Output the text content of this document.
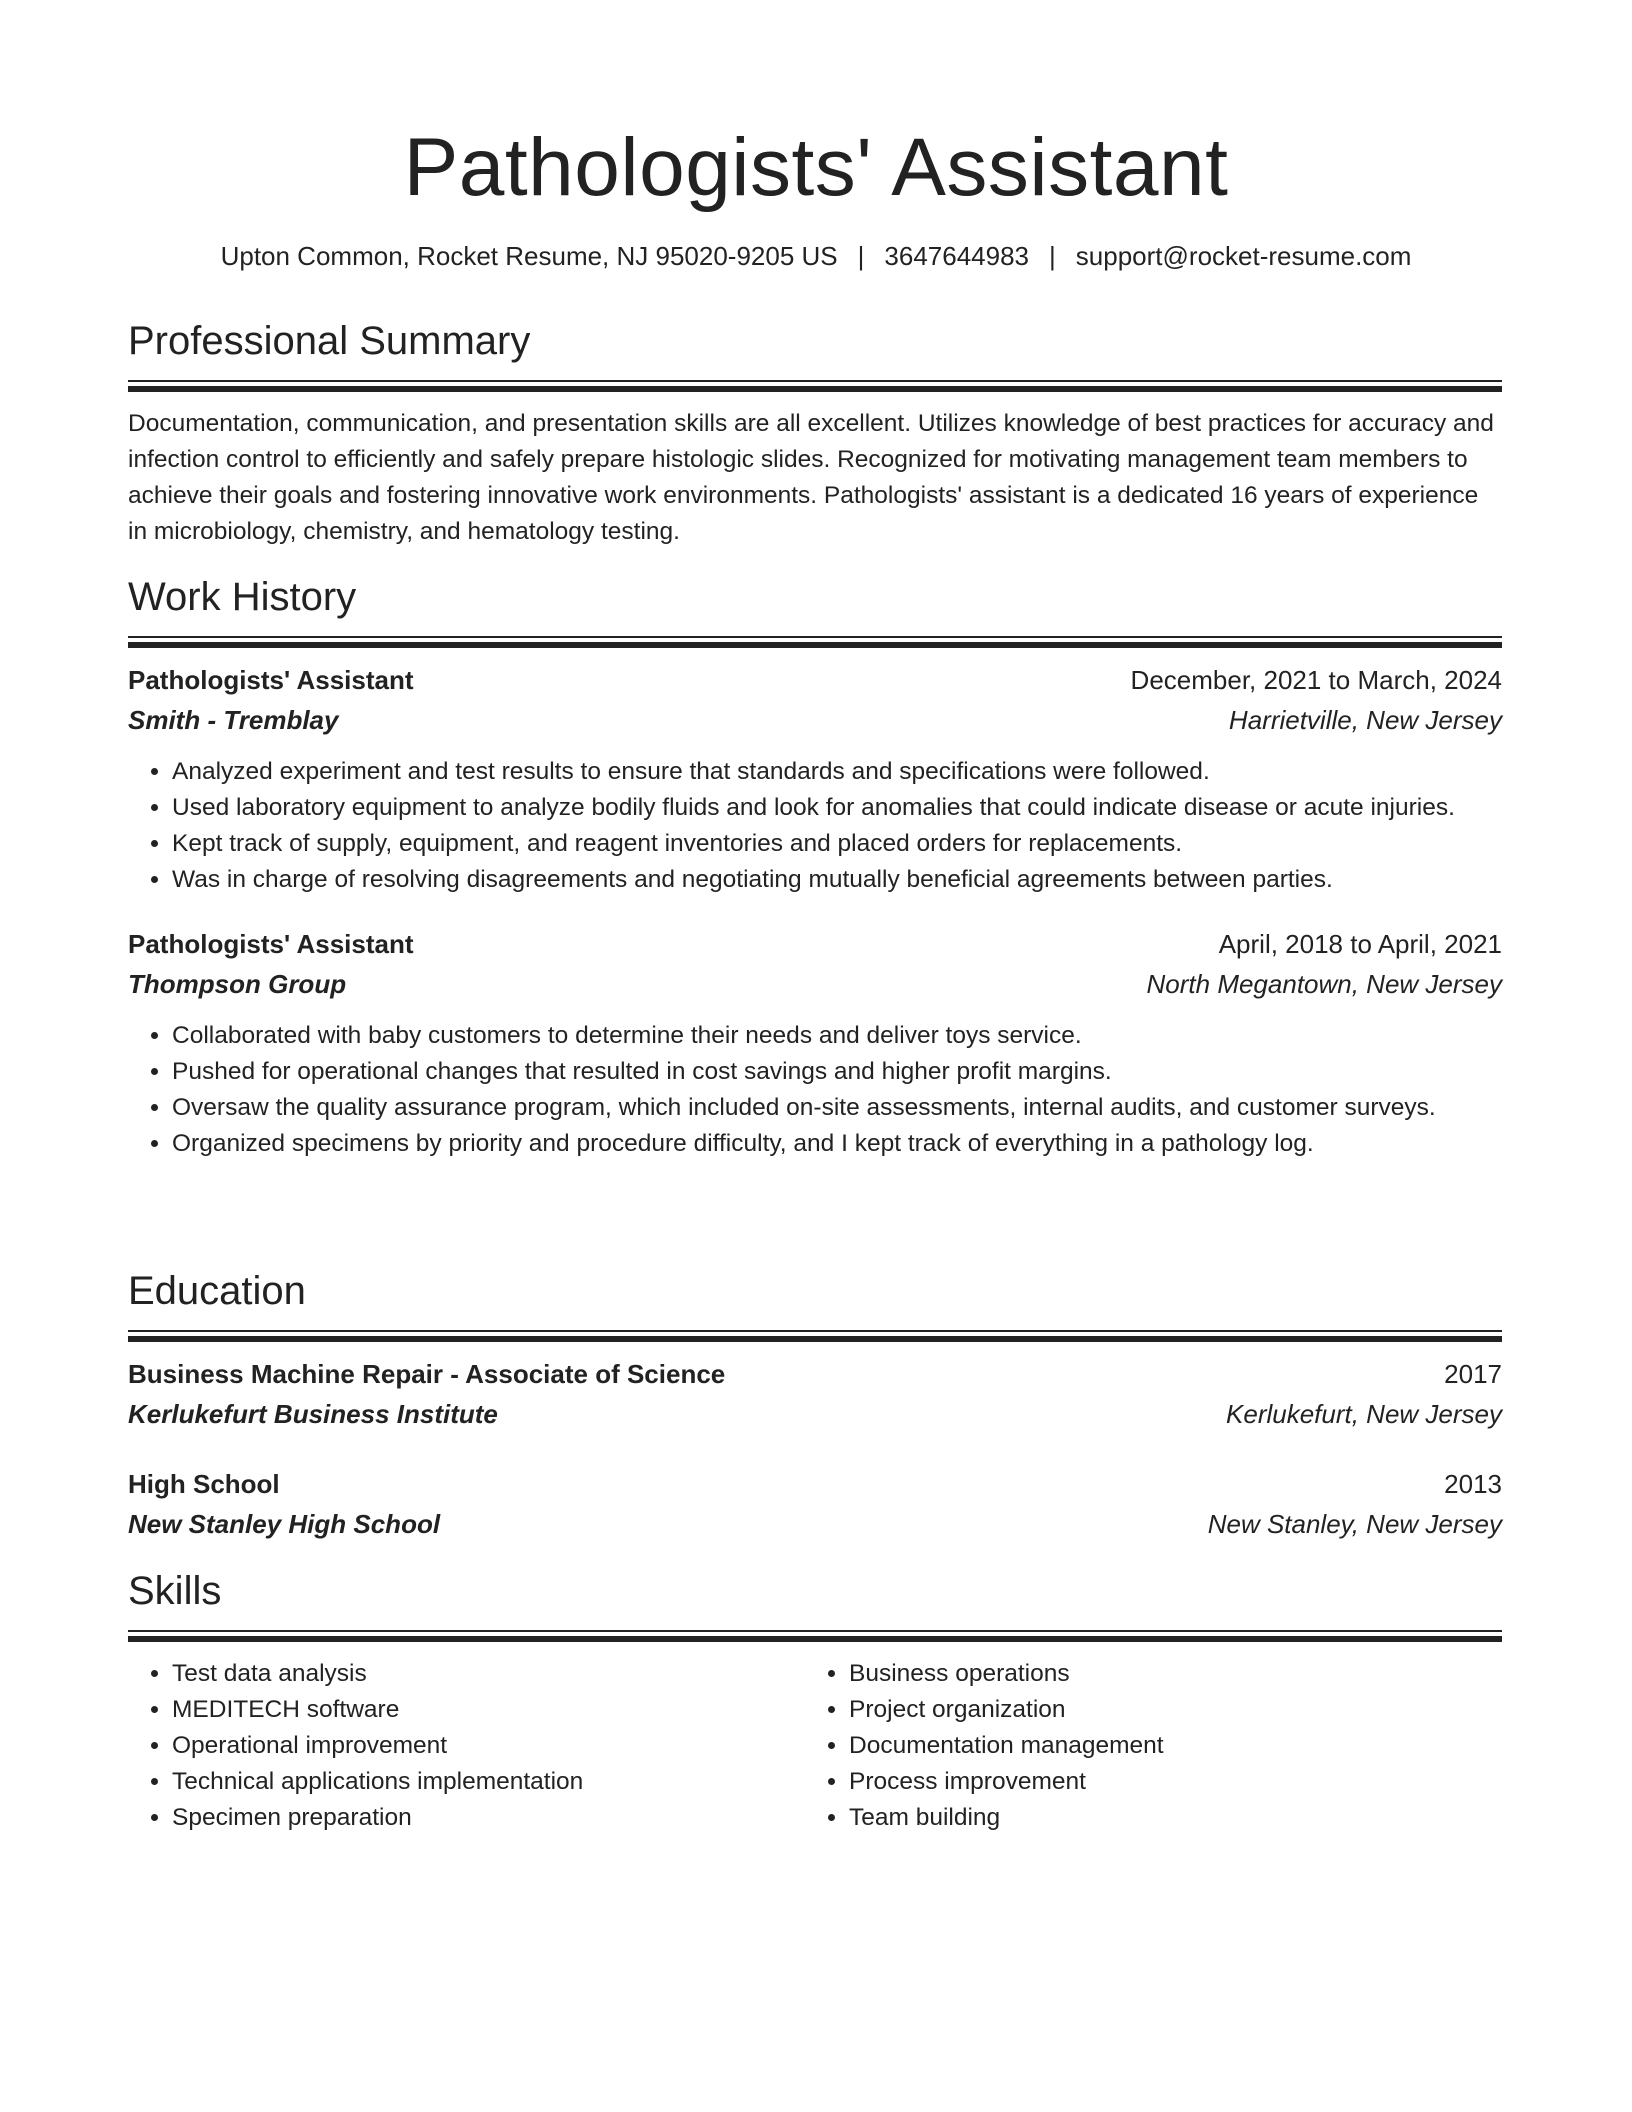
Pathologists' Assistant
Upton Common, Rocket Resume, NJ 95020-9205 US | 3647644983 | support@rocket-resume.com
Professional Summary
Documentation, communication, and presentation skills are all excellent. Utilizes knowledge of best practices for accuracy and infection control to efficiently and safely prepare histologic slides. Recognized for motivating management team members to achieve their goals and fostering innovative work environments. Pathologists' assistant is a dedicated 16 years of experience in microbiology, chemistry, and hematology testing.
Work History
Pathologists' Assistant	December, 2021 to March, 2024
Smith - Tremblay	Harrietville, New Jersey
• Analyzed experiment and test results to ensure that standards and specifications were followed.
• Used laboratory equipment to analyze bodily fluids and look for anomalies that could indicate disease or acute injuries.
• Kept track of supply, equipment, and reagent inventories and placed orders for replacements.
• Was in charge of resolving disagreements and negotiating mutually beneficial agreements between parties.
Pathologists' Assistant	April, 2018 to April, 2021
Thompson Group	North Megantown, New Jersey
• Collaborated with baby customers to determine their needs and deliver toys service.
• Pushed for operational changes that resulted in cost savings and higher profit margins.
• Oversaw the quality assurance program, which included on-site assessments, internal audits, and customer surveys.
• Organized specimens by priority and procedure difficulty, and I kept track of everything in a pathology log.
Education
Business Machine Repair - Associate of Science	2017
Kerlukefurt Business Institute	Kerlukefurt, New Jersey
High School	2013
New Stanley High School	New Stanley, New Jersey
Skills
• Test data analysis
• MEDITECH software
• Operational improvement
• Technical applications implementation
• Specimen preparation
• Business operations
• Project organization
• Documentation management
• Process improvement
• Team building
